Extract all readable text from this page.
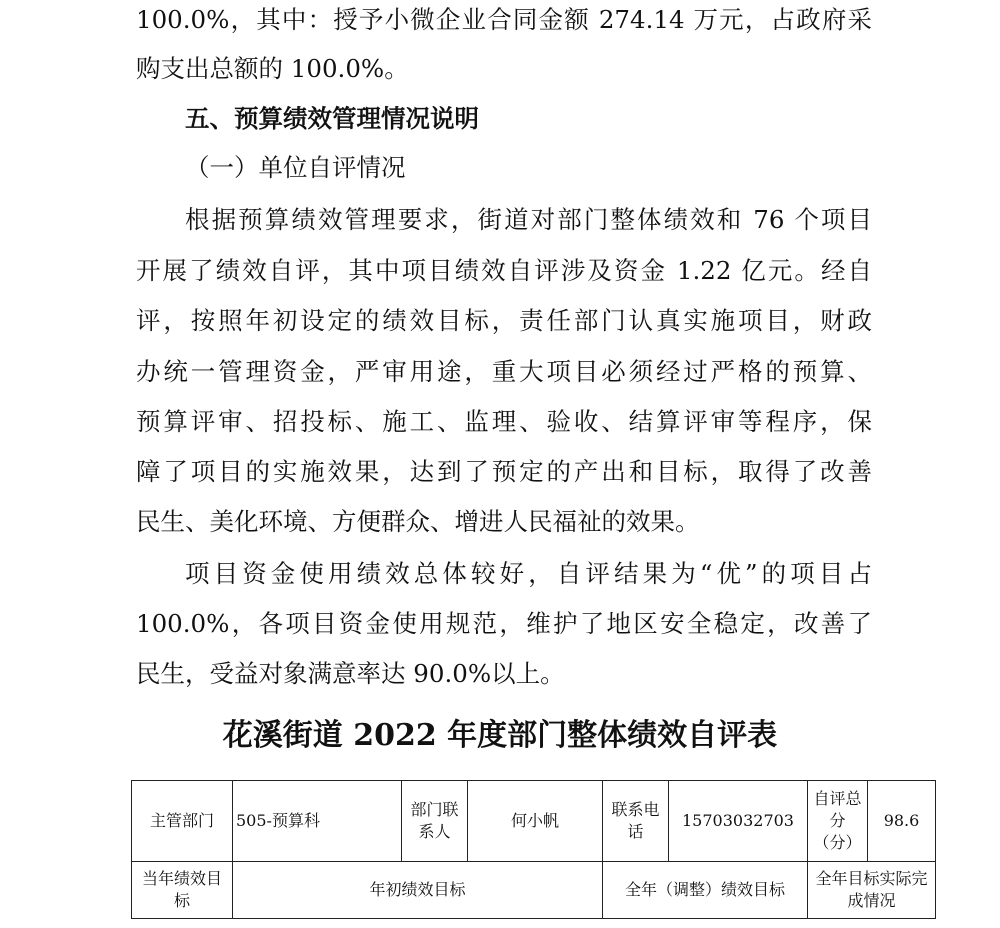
100.0%，其中：授予小微企业合同金额 274.14 万元，占政府采
购支出总额的 100.0%。
五、预算绩效管理情况说明
（一）单位自评情况
根据预算绩效管理要求，街道对部门整体绩效和 76 个项目
开展了绩效自评，其中项目绩效自评涉及资金 1.22 亿元。经自
评，按照年初设定的绩效目标，责任部门认真实施项目，财政
办统一管理资金，严审用途，重大项目必须经过严格的预算、
预算评审、招投标、施工、监理、验收、结算评审等程序，保
障了项目的实施效果，达到了预定的产出和目标，取得了改善
民生、美化环境、方便群众、增进人民福祉的效果。
项目资金使用绩效总体较好，自评结果为“优”的项目占
100.0%，各项目资金使用规范，维护了地区安全稳定，改善了
民生，受益对象满意率达 90.0%以上。
花溪街道 2022 年度部门整体绩效自评表
主管部门	505-预算科	部门联系人	何小帆	联系电话	15703032703	自评总分（分）	98.6
当年绩效目标	年初绩效目标			全年（调整）绩效目标		全年目标实际完成情况	
